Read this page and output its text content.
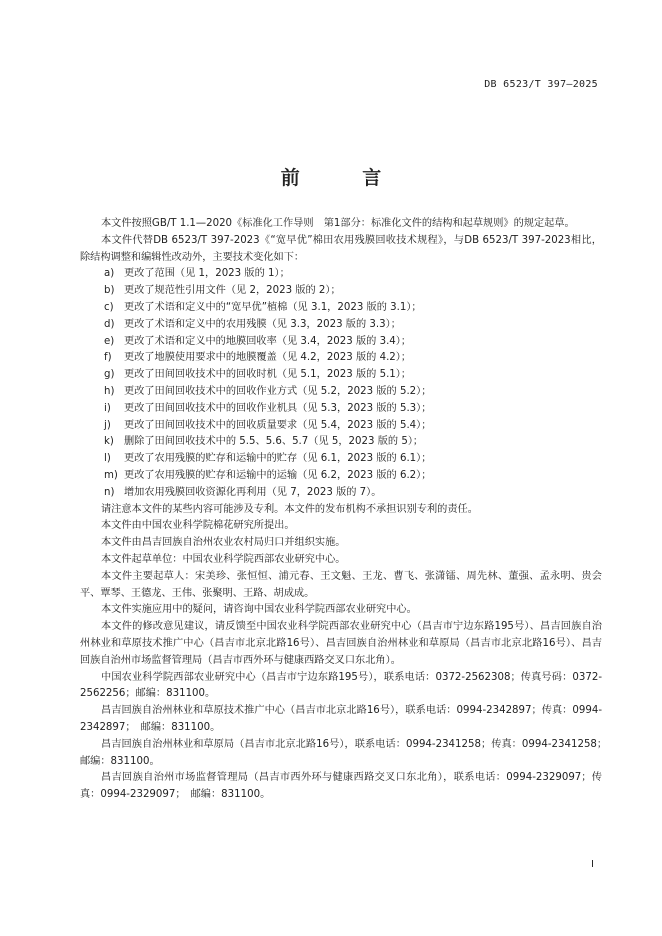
DB 6523/T 397—2025
前 言

本文件按照GB/T 1.1—2020《标准化工作导则　第1部分：标准化文件的结构和起草规则》的规定起草。

本文件代替DB 6523/T 397-2023《“宽早优”棉田农用残膜回收技术规程》，与DB 6523/T 397-2023相比，除结构调整和编辑性改动外，主要技术变化如下：

a) 更改了范围（见 1，2023 版的 1）；
b) 更改了规范性引用文件（见 2，2023 版的 2）；
c)	更改了术语和定义中的“宽早优”植棉（见 3.1，2023 版的 3.1）；
d) 更改了术语和定义中的农用残膜（见 3.3，2023 版的 3.3）；
e) 更改了术语和定义中的地膜回收率（见 3.4，2023 版的 3.4）；
f)	更改了地膜使用要求中的地膜覆盖（见 4.2，2023 版的 4.2）；
g) 更改了田间回收技术中的回收时机（见 5.1，2023 版的 5.1）；
h) 更改了田间回收技术中的回收作业方式（见 5.2，2023 版的 5.2）；
i)	更改了田间回收技术中的回收作业机具（见 5.3，2023 版的 5.3）；
j)	更改了田间回收技术中的回收质量要求（见 5.4，2023 版的 5.4）；
k) 删除了田间回收技术中的 5.5、5.6、5.7（见 5，2023 版的 5）；
l)	更改了农用残膜的贮存和运输中的贮存（见 6.1，2023 版的 6.1）；
m) 更改了农用残膜的贮存和运输中的运输（见 6.2，2023 版的 6.2）；
n) 增加农用残膜回收资源化再利用（见 7，2023 版的 7）。

请注意本文件的某些内容可能涉及专利。本文件的发布机构不承担识别专利的责任。

本文件由中国农业科学院棉花研究所提出。

本文件由昌吉回族自治州农业农村局归口并组织实施。

本文件起草单位：中国农业科学院西部农业研究中心。

本文件主要起草人：宋美珍、张恒恒、浦元春、王文魁、王龙、曹飞、张潇镭、周先林、董强、孟永明、贵会平、覃琴、王德龙、王伟、张聚明、王路、胡成成。

本文件实施应用中的疑问，请咨询中国农业科学院西部农业研究中心。

本文件的修改意见建议，请反馈至中国农业科学院西部农业研究中心（昌吉市宁边东路195号）、昌吉回族自治州林业和草原技术推广中心（昌吉市北京北路16号）、昌吉回族自治州林业和草原局（昌吉市北京北路16号）、昌吉回族自治州市场监督管理局（昌吉市西外环与健康西路交叉口东北角）。

中国农业科学院西部农业研究中心（昌吉市宁边东路195号），联系电话：0372-2562308；传真号码：0372-2562256；邮编：831100。

昌吉回族自治州林业和草原技术推广中心（昌吉市北京北路16号），联系电话：0994-2342897；传真：0994-2342897；　邮编：831100。

昌吉回族自治州林业和草原局（昌吉市北京北路16号），联系电话：0994-2341258；传真：0994-2341258；　邮编：831100。

昌吉回族自治州市场监督管理局（昌吉市西外环与健康西路交叉口东北角），联系电话：0994-2329097；传真：0994-2329097；　邮编：831100。

I
